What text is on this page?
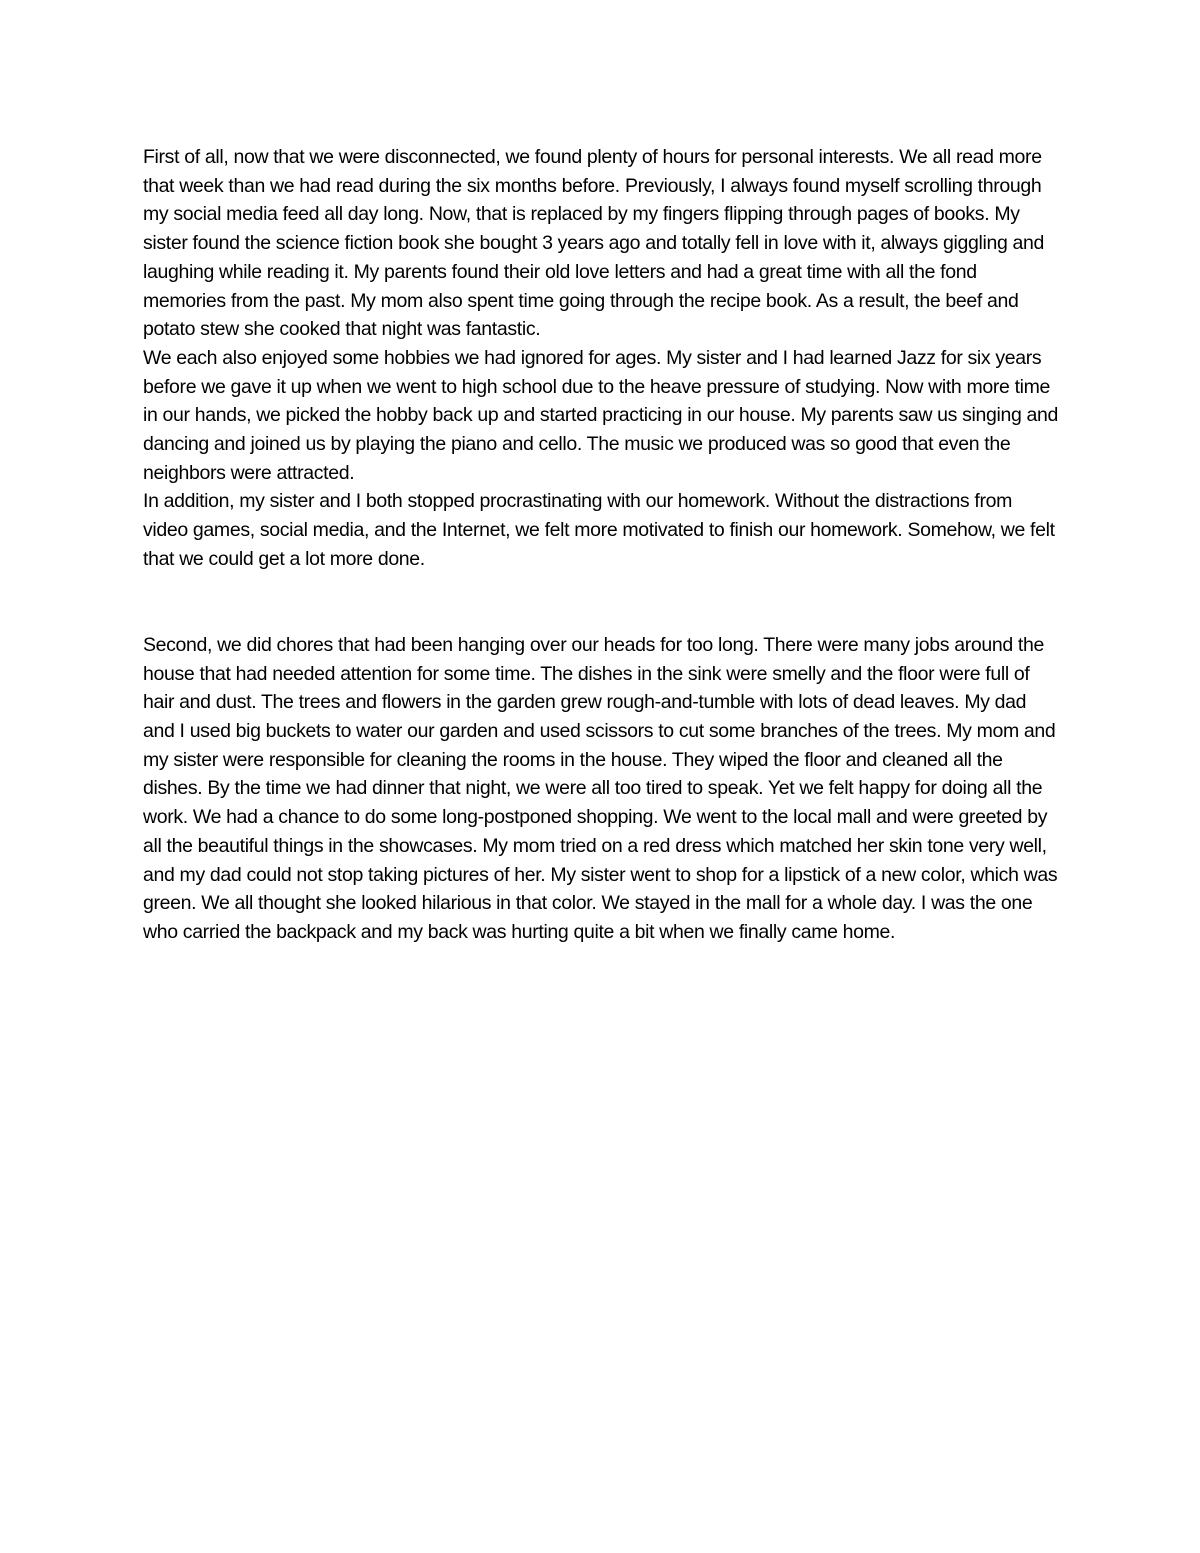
First of all, now that we were disconnected, we found plenty of hours for personal interests. We all read more that week than we had read during the six months before. Previously, I always found myself scrolling through my social media feed all day long. Now, that is replaced by my fingers flipping through pages of books. My sister found the science fiction book she bought 3 years ago and totally fell in love with it, always giggling and laughing while reading it. My parents found their old love letters and had a great time with all the fond memories from the past. My mom also spent time going through the recipe book. As a result, the beef and potato stew she cooked that night was fantastic.

We each also enjoyed some hobbies we had ignored for ages. My sister and I had learned Jazz for six years before we gave it up when we went to high school due to the heave pressure of studying. Now with more time in our hands, we picked the hobby back up and started practicing in our house. My parents saw us singing and dancing and joined us by playing the piano and cello. The music we produced was so good that even the neighbors were attracted.

In addition, my sister and I both stopped procrastinating with our homework. Without the distractions from video games, social media, and the Internet, we felt more motivated to finish our homework. Somehow, we felt that we could get a lot more done.

Second, we did chores that had been hanging over our heads for too long. There were many jobs around the house that had needed attention for some time. The dishes in the sink were smelly and the floor were full of hair and dust. The trees and flowers in the garden grew rough-and-tumble with lots of dead leaves. My dad and I used big buckets to water our garden and used scissors to cut some branches of the trees. My mom and my sister were responsible for cleaning the rooms in the house. They wiped the floor and cleaned all the dishes. By the time we had dinner that night, we were all too tired to speak. Yet we felt happy for doing all the work. We had a chance to do some long-postponed shopping. We went to the local mall and were greeted by all the beautiful things in the showcases. My mom tried on a red dress which matched her skin tone very well, and my dad could not stop taking pictures of her. My sister went to shop for a lipstick of a new color, which was green. We all thought she looked hilarious in that color. We stayed in the mall for a whole day. I was the one who carried the backpack and my back was hurting quite a bit when we finally came home.
